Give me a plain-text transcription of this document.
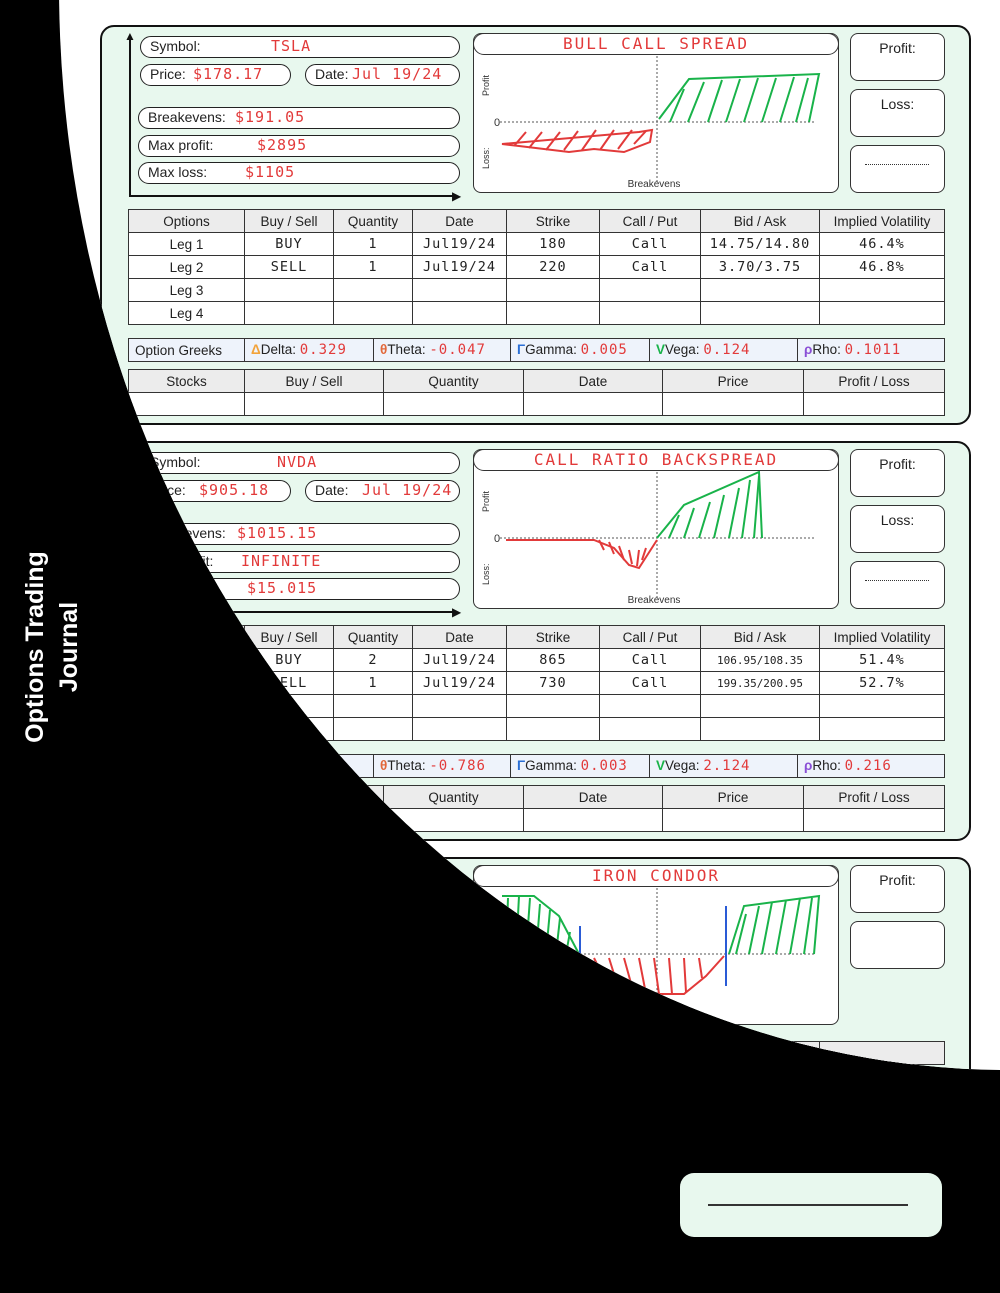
Options Trading Journal
▲
▶
Symbol:	TSLA
Price: $178.17	Date: Jul 19/24
Breakevens: $191.05
Max profit:	$2895
Max loss:	$1105
Profit
Loss:
0
Breakevens
BULL CALL SPREAD	Profit:
Loss:
Options	Buy / Sell	Quantity	Date	Strike	Call / Put	Bid / Ask	Implied Volatility
Leg 1	BUY	1	Jul19/24	180	Call	14.75/14.80	46.4%
Leg 2	SELL	1	Jul19/24	220	Call	3.70/3.75	46.8%
Leg 3							
Leg 4							
Option Greeks	ΔDelta: 0.329	θTheta: -0.047	ΓGamma: 0.005	VVega: 0.124	ρRho: 0.1011
Stocks	Buy / Sell	Quantity	Date	Price	Profit / Loss

▲
▶
Symbol:	NVDA
Price: $905.18	Date: Jul 19/24
Breakevens: $1015.15
Max profit: INFINITE
Max loss:	$15.015
Profit
Loss:
0
Breakevens
CALL RATIO BACKSPREAD	Profit:
Loss:
Options	Buy / Sell	Quantity	Date	Strike	Call / Put	Bid / Ask	Implied Volatility
Leg 1	BUY	2	Jul19/24	865	Call	106.95/108.35	51.4%
Leg 2	SELL	1	Jul19/24	730	Call	199.35/200.95	52.7%
Leg 3							
Leg 4							
Option Greeks	ΔDelta: 0.372	θTheta: -0.786	ΓGamma: 0.003	VVega: 2.124	ρRho: 0.216
Stocks	Buy / Sell	Quantity	Date	Price	Profit / Loss

▲
▶
Symbol:	AMZN
Price: $188.70	Date: Jul 21/24
Breakevens: $177.86 - 197.15
Max profit:	$535.50
ss: $714.50
Profit
Loss:
0
Breakevens
IRON CONDOR	Profit:
	ll	Quantity	Date	Strike	Cal		
